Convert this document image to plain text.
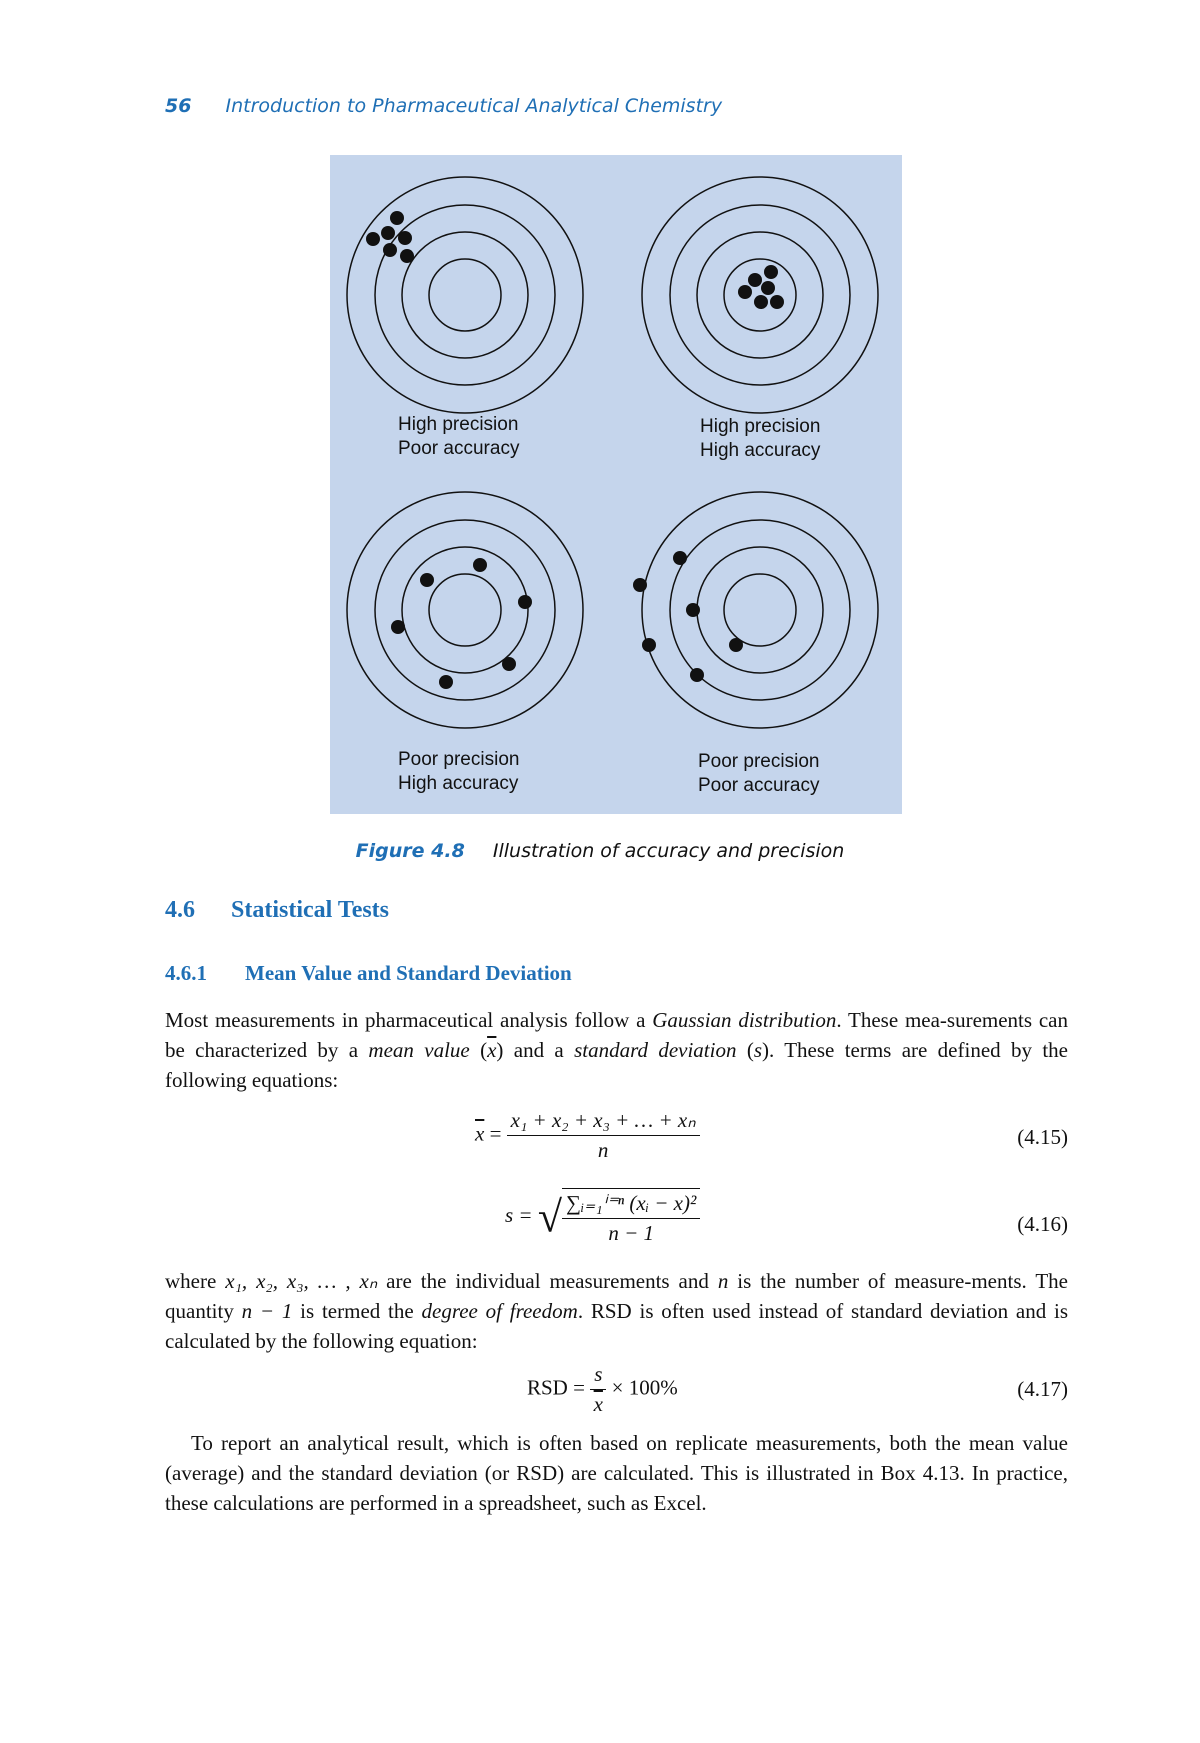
56 Introduction to Pharmaceutical Analytical Chemistry
High precision
Poor accuracy
High precision
High accuracy
Poor precision
High accuracy
Poor precision
Poor accuracy
Figure 4.8 Illustration of accuracy and precision
4.6 Statistical Tests
4.6.1 Mean Value and Standard Deviation
Most measurements in pharmaceutical analysis follow a Gaussian distribution. These mea-surements can be characterized by a mean value $(\overline{x})$ and a standard deviation (s). These terms are defined by the following equations:
$\overline{x} = \frac{\text{x₁ + x₂ + x₃ + … + xₙ}}{n}$	(4.15)
s = √ $\frac{\text{∑ᵢ₌₁ⁱ⁼ⁿ (xᵢ − x)²}}{n - 1}$	(4.16)
where x₁, x₂, x₃, … , xₙ are the individual measurements and n is the number of measure-ments. The quantity n − 1 is termed the degree of freedom. RSD is often used instead of standard deviation and is calculated by the following equation:
RSD = $\frac{s}{x} \times 100\%$	(4.17)
To report an analytical result, which is often based on replicate measurements, both the mean value (average) and the standard deviation (or RSD) are calculated. This is illustrated in Box 4.13. In practice, these calculations are performed in a spreadsheet, such as Excel.
